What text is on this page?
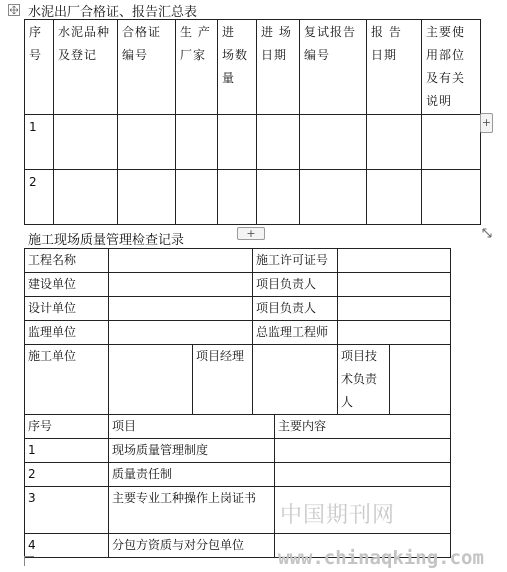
水泥出厂合格证、报告汇总表
序号	水泥品种及登记	合格证编号	生 产厂家	进 场数量	进 场日期	复试报告编号	报 告 日期	主要使用部位及有关说明
1								
2								
+
+
施工现场质量管理检查记录
工程名称			施工许可证号			
建设单位			项目负责人			
设计单位			项目负责人			
监理单位			总监理工程师			
施工单位		项目经理			项目技术负责人	
序号	项目			主要内容		
1	现场质量管理制度					
2	质量责任制					
3	主要专业工种操作上岗证书					
4	分包方资质与对分包单位					
中国期刊网
www.chinaqking.com
